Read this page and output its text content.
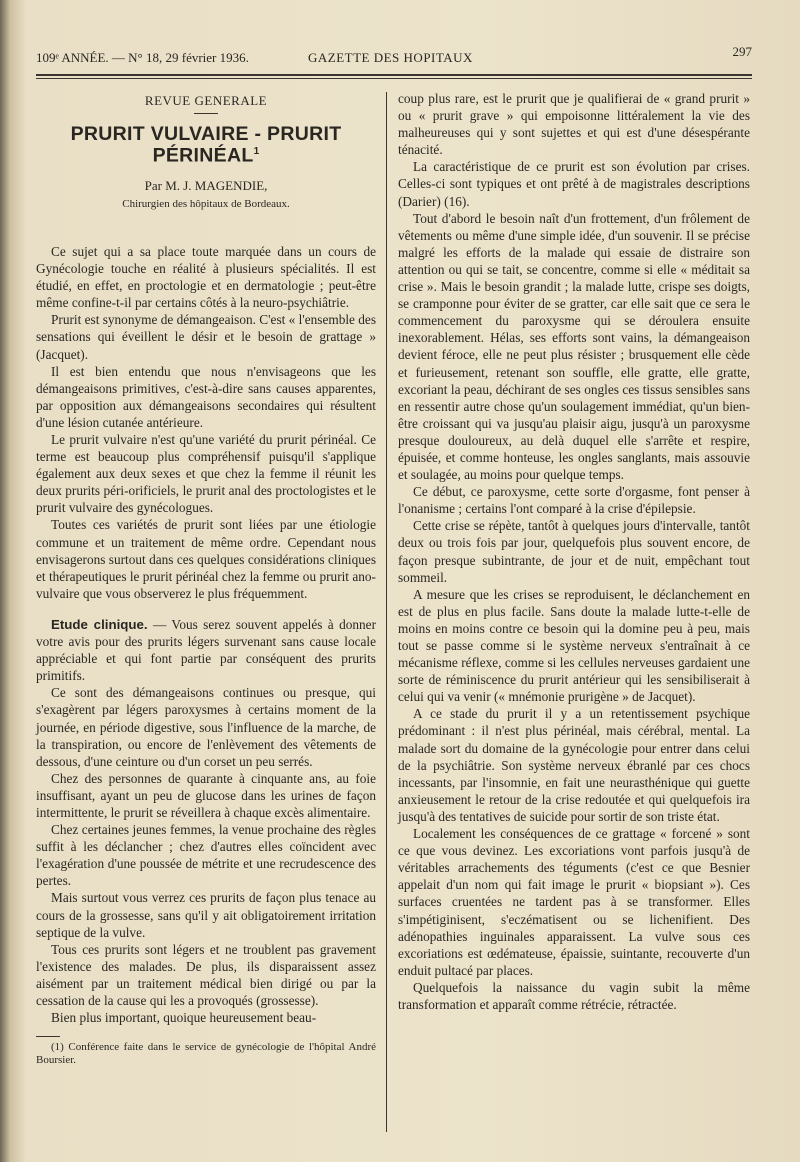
109ᵉ ANNÉE. — N° 18, 29 février 1936.	GAZETTE DES HOPITAUX	297
REVUE GENERALE
PRURIT VULVAIRE - PRURIT PÉRINÉAL$^1$
Par M. J. MAGENDIE,
Chirurgien des hôpitaux de Bordeaux.

Ce sujet qui a sa place toute marquée dans un cours de Gynécologie touche en réalité à plusieurs spécialités. Il est étudié, en effet, en proctologie et en dermatologie ; peut-être même confine-t-il par certains côtés à la neuro-psychiâtrie.

Prurit est synonyme de démangeaison. C'est « l'ensemble des sensations qui éveillent le désir et le besoin de grattage » (Jacquet).

Il est bien entendu que nous n'envisageons que les démangeaisons primitives, c'est-à-dire sans causes apparentes, par opposition aux démangeaisons secondaires qui résultent d'une lésion cutanée antérieure.

Le prurit vulvaire n'est qu'une variété du prurit périnéal. Ce terme est beaucoup plus compréhensif puisqu'il s'applique également aux deux sexes et que chez la femme il réunit les deux prurits péri-orificiels, le prurit anal des proctologistes et le prurit vulvaire des gynécologues.

Toutes ces variétés de prurit sont liées par une étiologie commune et un traitement de même ordre. Cependant nous envisagerons surtout dans ces quelques considérations cliniques et thérapeutiques le prurit périnéal chez la femme ou prurit ano-vulvaire que vous observerez le plus fréquemment.

Etude clinique. — Vous serez souvent appelés à donner votre avis pour des prurits légers survenant sans cause locale appréciable et qui font partie par conséquent des prurits primitifs.

Ce sont des démangeaisons continues ou presque, qui s'exagèrent par légers paroxysmes à certains moment de la journée, en période digestive, sous l'influence de la marche, de la transpiration, ou encore de l'enlèvement des vêtements de dessous, d'une ceinture ou d'un corset un peu serrés.

Chez des personnes de quarante à cinquante ans, au foie insuffisant, ayant un peu de glucose dans les urines de façon intermittente, le prurit se réveillera à chaque excès alimentaire.

Chez certaines jeunes femmes, la venue prochaine des règles suffit à les déclancher ; chez d'autres elles coïncident avec l'exagération d'une poussée de métrite et une recrudescence des pertes.

Mais surtout vous verrez ces prurits de façon plus tenace au cours de la grossesse, sans qu'il y ait obligatoirement irritation septique de la vulve.

Tous ces prurits sont légers et ne troublent pas gravement l'existence des malades. De plus, ils disparaissent assez aisément par un traitement médical bien dirigé ou par la cessation de la cause qui les a provoqués (grossesse).

Bien plus important, quoique heureusement beau-

(1) Conférence faite dans le service de gynécologie de l'hôpital André Boursier.

coup plus rare, est le prurit que je qualifierai de « grand prurit » ou « prurit grave » qui empoisonne littéralement la vie des malheureuses qui y sont sujettes et qui est d'une désespérante ténacité.

La caractéristique de ce prurit est son évolution par crises. Celles-ci sont typiques et ont prêté à de magistrales descriptions (Darier) (16).

Tout d'abord le besoin naît d'un frottement, d'un frôlement de vêtements ou même d'une simple idée, d'un souvenir. Il se précise malgré les efforts de la malade qui essaie de distraire son attention ou qui se tait, se concentre, comme si elle « méditait sa crise ». Mais le besoin grandit ; la malade lutte, crispe ses doigts, se cramponne pour éviter de se gratter, car elle sait que ce sera le commencement du paroxysme qui se déroulera ensuite inexorablement. Hélas, ses efforts sont vains, la démangeaison devient féroce, elle ne peut plus résister ; brusquement elle cède et furieusement, retenant son souffle, elle gratte, elle gratte, excoriant la peau, déchirant de ses ongles ces tissus sensibles sans en ressentir autre chose qu'un soulagement immédiat, qu'un bien-être croissant qui va jusqu'au plaisir aigu, jusqu'à un paroxysme presque douloureux, au delà duquel elle s'arrête et respire, épuisée, et comme honteuse, les ongles sanglants, mais assouvie et soulagée, au moins pour quelque temps.

Ce début, ce paroxysme, cette sorte d'orgasme, font penser à l'onanisme ; certains l'ont comparé à la crise d'épilepsie.

Cette crise se répète, tantôt à quelques jours d'intervalle, tantôt deux ou trois fois par jour, quelquefois plus souvent encore, de façon presque subintrante, de jour et de nuit, empêchant tout sommeil.

A mesure que les crises se reproduisent, le déclanchement en est de plus en plus facile. Sans doute la malade lutte-t-elle de moins en moins contre ce besoin qui la domine peu à peu, mais tout se passe comme si le système nerveux s'entraînait à ce mécanisme réflexe, comme si les cellules nerveuses gardaient une sorte de réminiscence du prurit antérieur qui les sensibiliserait à celui qui va venir (« mnémonie prurigène » de Jacquet).

A ce stade du prurit il y a un retentissement psychique prédominant : il n'est plus périnéal, mais cérébral, mental. La malade sort du domaine de la gynécologie pour entrer dans celui de la psychiâtrie. Son système nerveux ébranlé par ces chocs incessants, par l'insomnie, en fait une neurasthénique qui guette anxieusement le retour de la crise redoutée et qui quelquefois ira jusqu'à des tentatives de suicide pour sortir de son triste état.

Localement les conséquences de ce grattage « forcené » sont ce que vous devinez. Les excoriations vont parfois jusqu'à de véritables arrachements des téguments (c'est ce que Besnier appelait d'un nom qui fait image le prurit « biopsiant »). Ces surfaces cruentées ne tardent pas à se transformer. Elles s'impétiginisent, s'eczématisent ou se lichenifient. Des adénopathies inguinales apparaissent. La vulve sous ces excoriations est œdémateuse, épaissie, suintante, recouverte d'un enduit pultacé par places.

Quelquefois la naissance du vagin subit la même transformation et apparaît comme rétrécie, rétractée.
